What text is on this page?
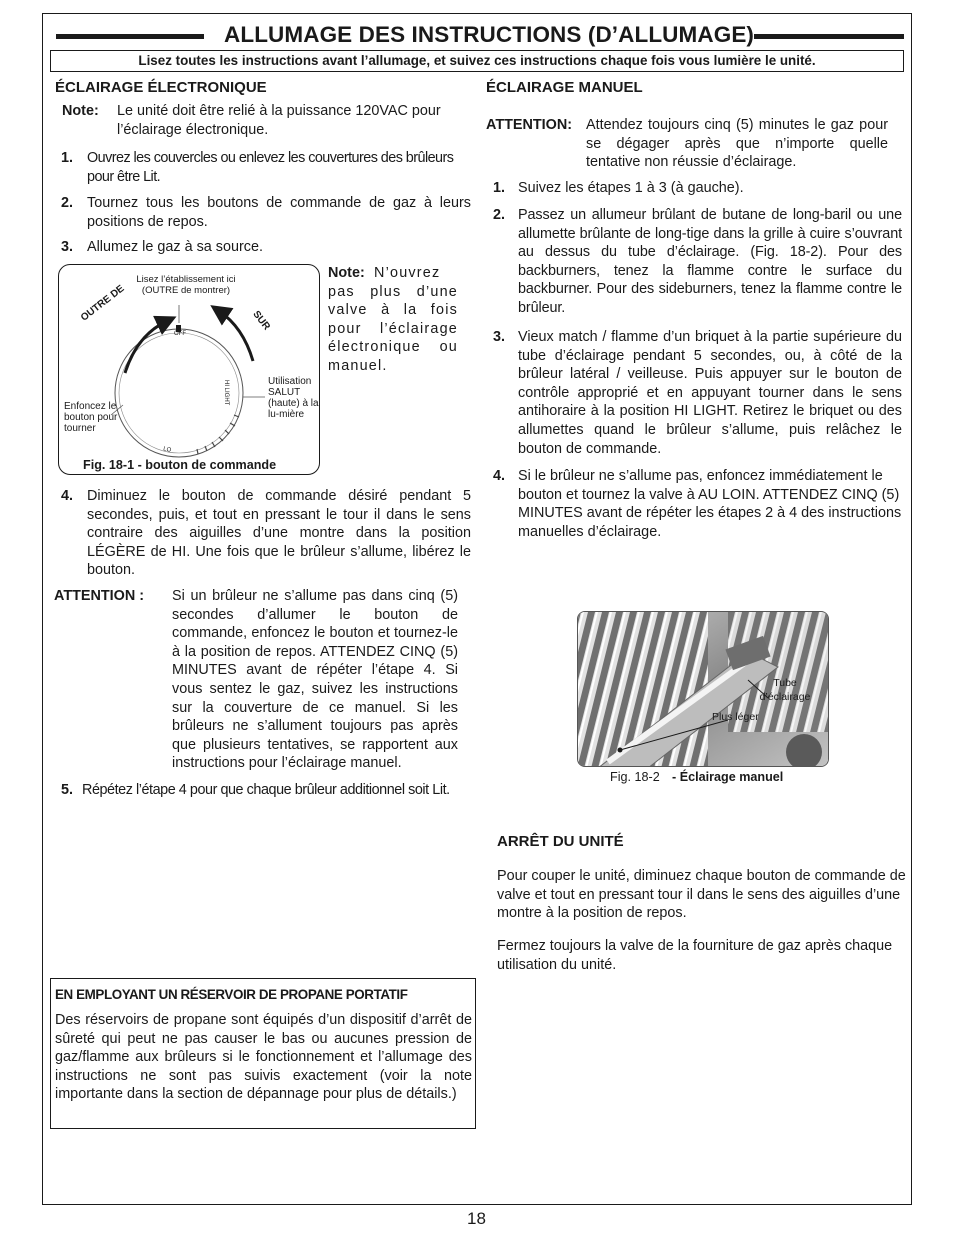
ALLUMAGE DES INSTRUCTIONS (D’ALLUMAGE)
Lisez toutes les instructions avant l’allumage, et suivez ces instructions chaque fois vous lumière le unité.
ÉCLAIRAGE ÉLECTRONIQUE
Note: Le unité doit être relié à la puissance 120VAC pour l’éclairage électronique.

1. Ouvrez les couvercles ou enlevez les couvertures des brûleurs pour être Lit.

2. Tournez tous les boutons de commande de gaz à leurs positions de repos.

3. Allumez le gaz à sa source.

Lisez l’établissement ici (OUTRE de montrer)
OUTRE DE	SUR
OFF
HI LIGHT
LO
Enfoncez le bouton pour tourner
Utilisation SALUT (haute) à la lu-mière
Fig. 18-1 - bouton de commande
Note: N’ouvrez pas plus d’une valve à la fois pour l’éclairage électronique ou manuel.

4. Diminuez le bouton de commande désiré pendant 5 secondes, puis, et tout en pressant le tour il dans le sens contraire des aiguilles d’une montre dans la position LÉGÈRE de HI. Une fois que le brûleur s’allume, libérez le bouton.

ATTENTION : Si un brûleur ne s’allume pas dans cinq (5) secondes d’allumer le bouton de commande, enfoncez le bouton et tournez-le à la position de repos. ATTENDEZ CINQ (5) MINUTES avant de répéter l’étape 4. Si vous sentez le gaz, suivez les instructions sur la couverture de ce manuel. Si les brûleurs ne s’allument toujours pas après que plusieurs tentatives, se rapportent aux instructions pour l’éclairage manuel.

5. Répétez l’étape 4 pour que chaque brûleur additionnel soit Lit.

ÉCLAIRAGE MANUEL
ATTENTION: Attendez toujours cinq (5) minutes le gaz pour se dégager après que n’importe quelle tentative non réussie d’éclairage.

1. Suivez les étapes 1 à 3 (à gauche).

2. Passez un allumeur brûlant de butane de long-baril ou une allumette brûlante de long-tige dans la grille à cuire s’ouvrant au dessus du tube d’éclairage. (Fig. 18-2). Pour des backburners, tenez la flamme contre le surface du backburner. Pour des sideburners, tenez la flamme contre le brûleur.

3. Vieux match / flamme d’un briquet à la partie supérieure du tube d’éclairage pendant 5 secondes, ou, à côté de la brûleur latéral / veilleuse. Puis appuyer sur le bouton de contrôle approprié et en appuyant tourner dans le sens antihoraire à la position HI LIGHT. Retirez le briquet ou des allumettes quand le brûleur s’allume, puis relâchez le bouton de commande.

4. Si le brûleur ne s’allume pas, enfoncez immédiatement le bouton et tournez la valve à AU LOIN. ATTENDEZ CINQ (5) MINUTES avant de répéter les étapes 2 à 4 des instructions manuelles d’éclairage.

Tube d’éclairage
Plus léger
Fig. 18-2 - Éclairage manuel
ARRÊT DU UNITÉ

Pour couper le unité, diminuez chaque bouton de commande de valve et tout en pressant tour il dans le sens des aiguilles d’une montre à la position de repos.

Fermez toujours la valve de la fourniture de gaz après chaque utilisation du unité.

EN EMPLOYANT UN RÉSERVOIR DE PROPANE PORTATIF

Des réservoirs de propane sont équipés d’un dispositif d’arrêt de sûreté qui peut ne pas causer le bas ou aucunes pression de gaz/flamme aux brûleurs si le fonctionnement et l’allumage des instructions ne sont pas suivis exactement (voir la note importante dans la section de dépannage pour plus de détails.)

18
